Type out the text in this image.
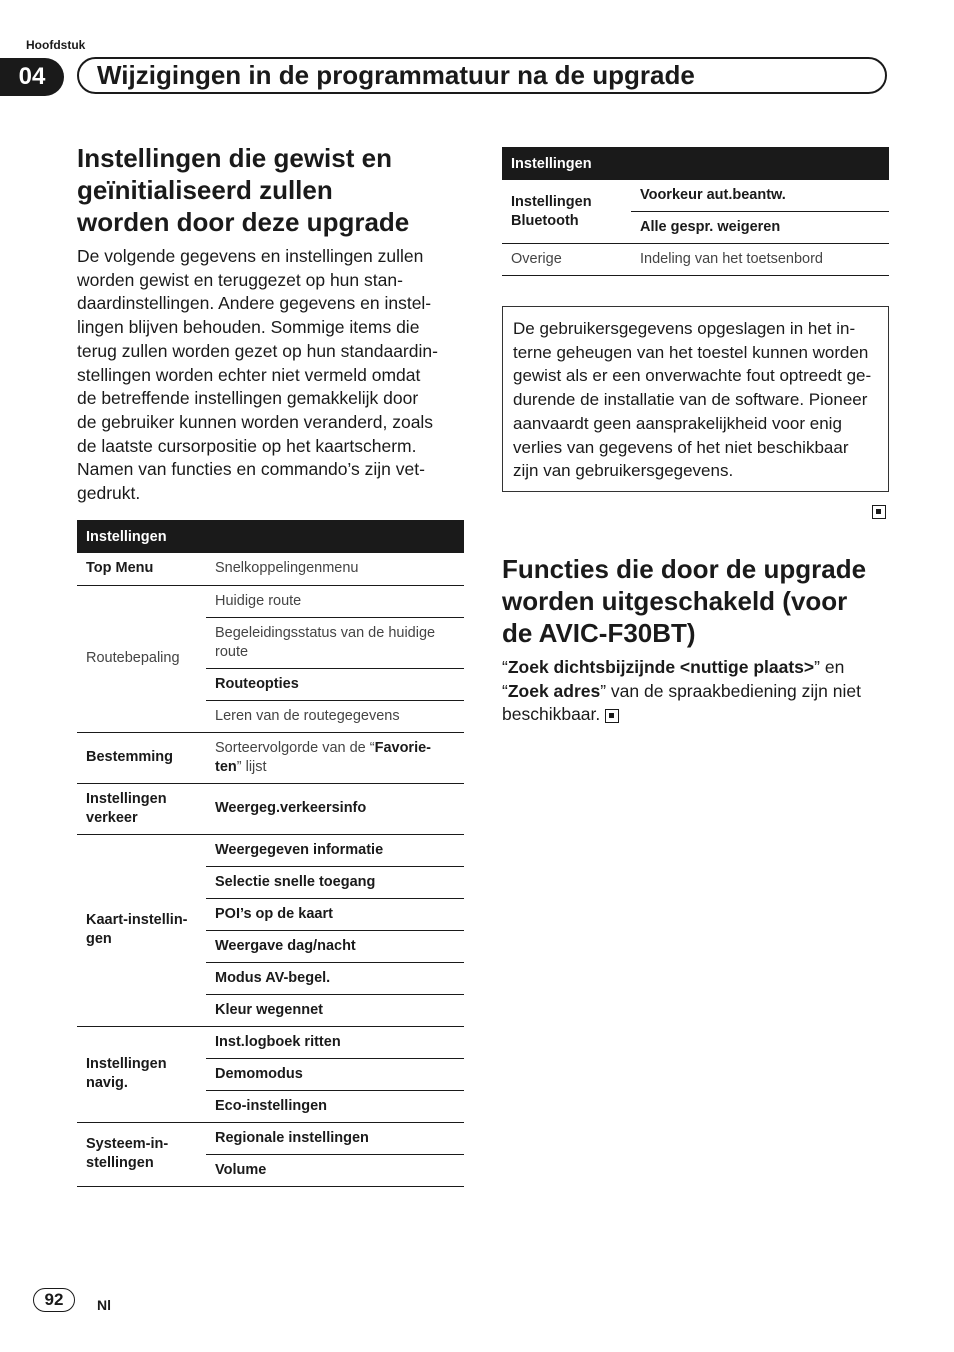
Hoofdstuk
04	Wijzigingen in de programmatuur na de upgrade
Instellingen die gewist en
geïnitialiseerd zullen
worden door deze upgrade
De volgende gegevens en instellingen zullen
worden gewist en teruggezet op hun stan-
daardinstellingen. Andere gegevens en instel-
lingen blijven behouden. Sommige items die
terug zullen worden gezet op hun standaardin-
stellingen worden echter niet vermeld omdat
de betreffende instellingen gemakkelijk door
de gebruiker kunnen worden veranderd, zoals
de laatste cursorpositie op het kaartscherm.
Namen van functies en commando’s zijn vet-
gedrukt.
Instellingen	
Top Menu	Snelkoppelingenmenu
Routebepaling	Huidige route
	Begeleidingsstatus van de huidige route
	Routeopties
	Leren van de routegegevens
Bestemming	Sorteervolgorde van de “Favorie-ten” lijst
Instellingen
verkeer	Weergeg.verkeersinfo
Kaart-instellin-
gen	Weergegeven informatie
	Selectie snelle toegang
	POI’s op de kaart
	Weergave dag/nacht
	Modus AV-begel.
	Kleur wegennet
Instellingen
navig.	Inst.logboek ritten
	Demomodus
	Eco-instellingen
Systeem-in-
stellingen	Regionale instellingen
	Volume
Instellingen	
Instellingen
Bluetooth	Voorkeur aut.beantw.
	Alle gespr. weigeren
Overige	Indeling van het toetsenbord
De gebruikersgegevens opgeslagen in het in-
terne geheugen van het toestel kunnen worden
gewist als er een onverwachte fout optreedt ge-
durende de installatie van de software. Pioneer
aanvaardt geen aansprakelijkheid voor enig
verlies van gegevens of het niet beschikbaar
zijn van gebruikersgegevens.
Functies die door de upgrade
worden uitgeschakeld (voor
de AVIC-F30BT)
“Zoek dichtsbijzijnde <nuttige plaats>” en
“Zoek adres” van de spraakbediening zijn niet
beschikbaar.
92	Nl
